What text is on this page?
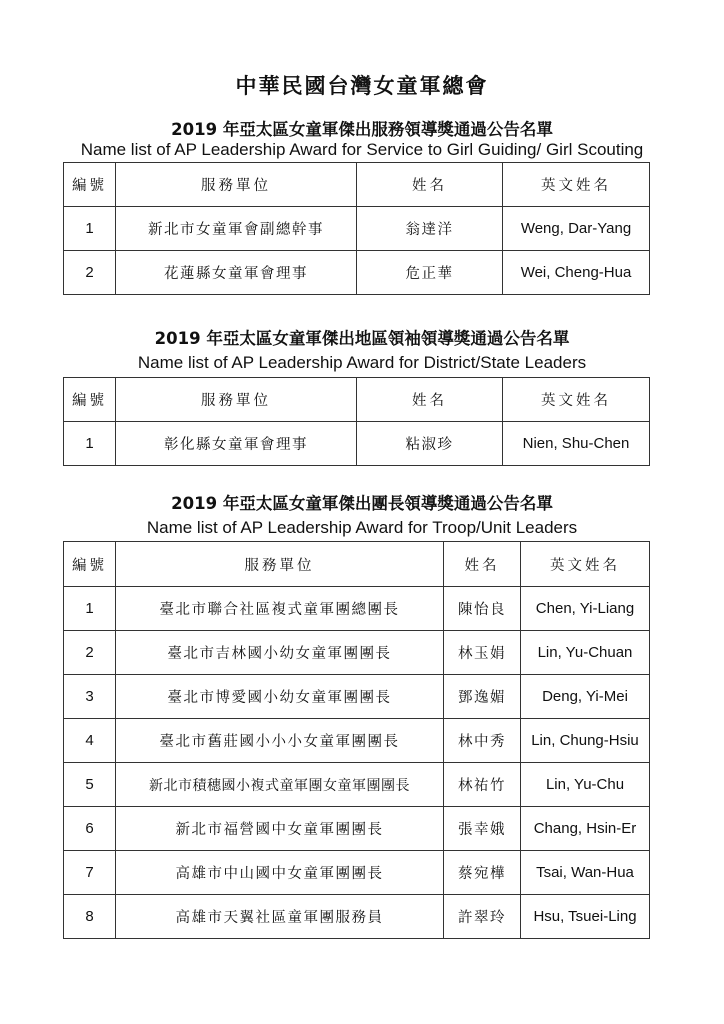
中華民國台灣女童軍總會
2019 年亞太區女童軍傑出服務領導獎通過公告名單
Name list of AP Leadership Award for Service to Girl Guiding/ Girl Scouting
編號	服務單位	姓名	英文姓名
1	新北市女童軍會副總幹事	翁達洋	Weng, Dar-Yang
2	花蓮縣女童軍會理事	危正華	Wei, Cheng-Hua
2019 年亞太區女童軍傑出地區領袖領導獎通過公告名單
Name list of AP Leadership Award for District/State Leaders
編號	服務單位	姓名	英文姓名
1	彰化縣女童軍會理事	粘淑珍	Nien, Shu-Chen
2019 年亞太區女童軍傑出團長領導獎通過公告名單
Name list of AP Leadership Award for Troop/Unit Leaders
編號	服務單位	姓名	英文姓名
1	臺北市聯合社區複式童軍團總團長	陳怡良	Chen, Yi-Liang
2	臺北市吉林國小幼女童軍團團長	林玉娟	Lin, Yu-Chuan
3	臺北市博愛國小幼女童軍團團長	鄧逸媚	Deng, Yi-Mei
4	臺北市舊莊國小小小女童軍團團長	林中秀	Lin, Chung-Hsiu
5	新北市積穗國小複式童軍團女童軍團團長	林祐竹	Lin, Yu-Chu
6	新北市福營國中女童軍團團長	張幸娥	Chang, Hsin-Er
7	高雄市中山國中女童軍團團長	蔡宛樺	Tsai, Wan-Hua
8	高雄市天翼社區童軍團服務員	許翠玲	Hsu, Tsuei-Ling
